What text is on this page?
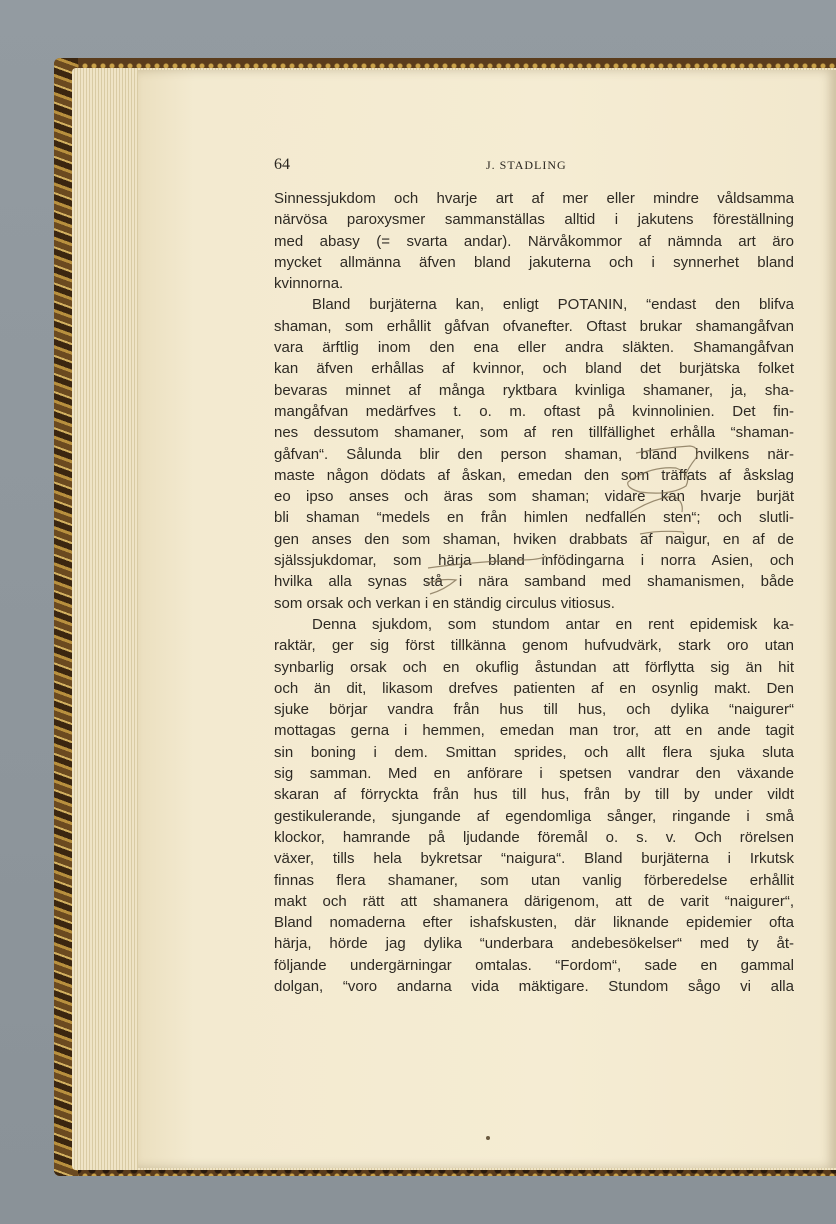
64	J. STADLING
Sinnessjukdom och hvarje art af mer eller mindre våldsamma
närvösa paroxysmer sammanställas alltid i jakutens föreställning
med abasy (= svarta andar). Närvåkommor af nämnda art äro
mycket allmänna äfven bland jakuterna och i synnerhet bland
kvinnorna.
Bland burjäterna kan, enligt POTANIN, “endast den blifva
shaman, som erhållit gåfvan ofvanefter. Oftast brukar shamangåfvan
vara ärftlig inom den ena eller andra släkten. Shamangåfvan
kan äfven erhållas af kvinnor, och bland det burjätska folket
bevaras minnet af många ryktbara kvinliga shamaner, ja, sha-
mangåfvan medärfves t. o. m. oftast på kvinnolinien. Det fin-
nes dessutom shamaner, som af ren tillfällighet erhålla “shaman-
gåfvan“. Sålunda blir den person shaman, bland hvilkens när-
maste någon dödats af åskan, emedan den som träffats af åskslag
eo ipso anses och äras som shaman; vidare kan hvarje burjät
bli shaman “medels en från himlen nedfallen sten“; och slutli-
gen anses den som shaman, hviken drabbats af naigur, en af de
själssjukdomar, som härja bland infödingarna i norra Asien, och
hvilka alla synas stå i nära samband med shamanismen, både
som orsak och verkan i en ständig circulus vitiosus.
Denna sjukdom, som stundom antar en rent epidemisk ka-
raktär, ger sig först tillkänna genom hufvudvärk, stark oro utan
synbarlig orsak och en okuflig åstundan att förflytta sig än hit
och än dit, likasom drefves patienten af en osynlig makt. Den
sjuke börjar vandra från hus till hus, och dylika “naigurer“
mottagas gerna i hemmen, emedan man tror, att en ande tagit
sin boning i dem. Smittan sprides, och allt flera sjuka sluta
sig samman. Med en anförare i spetsen vandrar den växande
skaran af förryckta från hus till hus, från by till by under vildt
gestikulerande, sjungande af egendomliga sånger, ringande i små
klockor, hamrande på ljudande föremål o. s. v. Och rörelsen
växer, tills hela bykretsar “naigura“. Bland burjäterna i Irkutsk
finnas flera shamaner, som utan vanlig förberedelse erhållit
makt och rätt att shamanera därigenom, att de varit “naigurer“,
Bland nomaderna efter ishafskusten, där liknande epidemier ofta
härja, hörde jag dylika “underbara andebesökelser“ med ty åt-
följande undergärningar omtalas. “Fordom“, sade en gammal
dolgan, “voro andarna vida mäktigare. Stundom sågo vi alla
